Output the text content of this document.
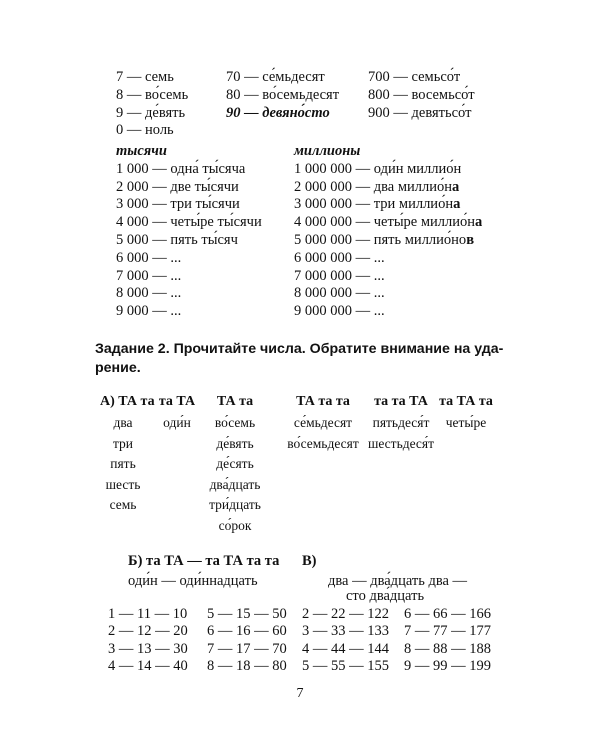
7 — семь
8 — во́семь
9 — де́вять
0 — ноль
70 — се́мьдесят
80 — во́семьдесят
90 — девяно́сто
700 — семьсо́т
800 — восемьсо́т
900 — девятьсо́т
тысячи
1 000 — одна́ ты́сяча
2 000 — две ты́сячи
3 000 — три ты́сячи
4 000 — четы́ре ты́сячи
5 000 — пять ты́сяч
6 000 — ...
7 000 — ...
8 000 — ...
9 000 — ...
миллионы
1 000 000 — оди́н миллио́н
2 000 000 — два миллио́на
3 000 000 — три миллио́на
4 000 000 — четы́ре миллио́на
5 000 000 — пять миллио́нов
6 000 000 — ...
7 000 000 — ...
8 000 000 — ...
9 000 000 — ...
Задание 2. Прочитайте числа. Обратите внимание на ударение.
А) ТА та
два
три
пять
шесть
семь
та ТА
оди́н
ТА та
во́семь
де́вять
де́сять
два́дцать
три́дцать
со́рок
ТА та та
се́мьдесят
во́семьдесят
та та ТА
пятьдеся́т
шестьдеся́т
та ТА та
четы́ре
Б) та ТА — та ТА та та
оди́н — оди́ннадцать
1 — 11 — 10
2 — 12 — 20
3 — 13 — 30
4 — 14 — 40
5 — 15 — 50
6 — 16 — 60
7 — 17 — 70
8 — 18 — 80
В)
два — два́дцать два —
сто два́дцать
2 — 22 — 122
3 — 33 — 133
4 — 44 — 144
5 — 55 — 155
6 — 66 — 166
7 — 77 — 177
8 — 88 — 188
9 — 99 — 199
7
